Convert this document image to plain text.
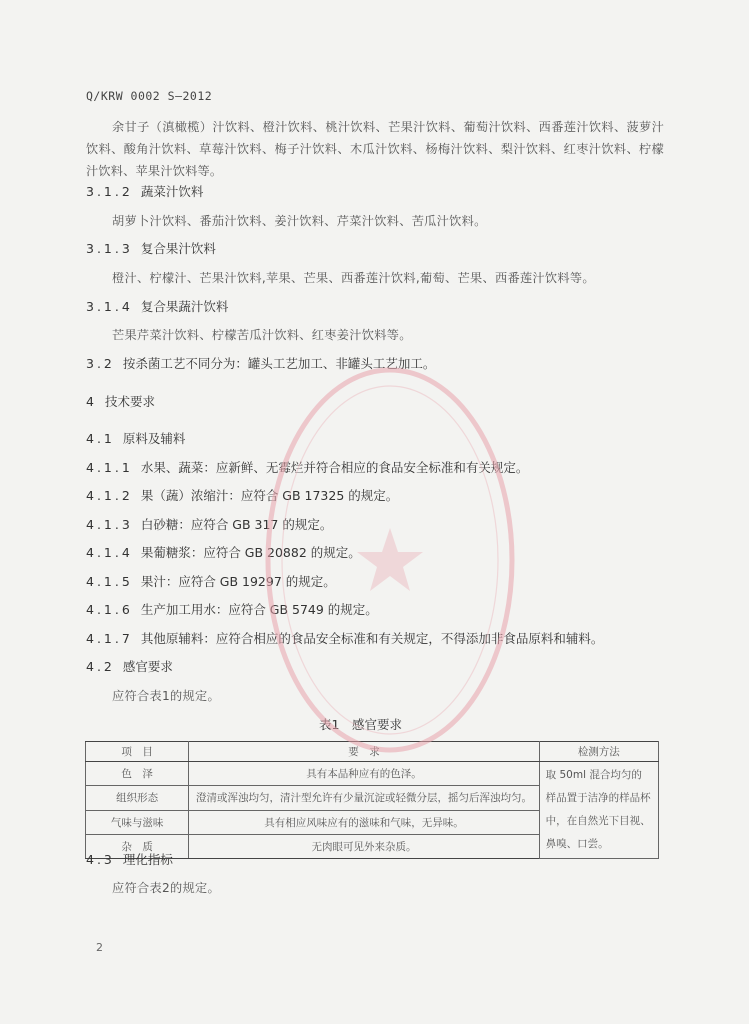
Q/KRW 0002 S—2012
余甘子（滇橄榄）汁饮料、橙汁饮料、桃汁饮料、芒果汁饮料、葡萄汁饮料、西番莲汁饮料、菠萝汁饮料、酸角汁饮料、草莓汁饮料、梅子汁饮料、木瓜汁饮料、杨梅汁饮料、梨汁饮料、红枣汁饮料、柠檬汁饮料、苹果汁饮料等。
3.1.2 蔬菜汁饮料
胡萝卜汁饮料、番茄汁饮料、姜汁饮料、芹菜汁饮料、苦瓜汁饮料。
3.1.3 复合果汁饮料
橙汁、柠檬汁、芒果汁饮料,苹果、芒果、西番莲汁饮料,葡萄、芒果、西番莲汁饮料等。
3.1.4 复合果蔬汁饮料
芒果芹菜汁饮料、柠檬苦瓜汁饮料、红枣姜汁饮料等。
3.2 按杀菌工艺不同分为：罐头工艺加工、非罐头工艺加工。
4 技术要求
4.1 原料及辅料
4.1.1 水果、蔬菜：应新鲜、无霉烂并符合相应的食品安全标准和有关规定。
4.1.2 果（蔬）浓缩汁：应符合 GB 17325 的规定。
4.1.3 白砂糖：应符合 GB 317 的规定。
4.1.4 果葡糖浆：应符合 GB 20882 的规定。
4.1.5 果汁：应符合 GB 19297 的规定。
4.1.6 生产加工用水：应符合 GB 5749 的规定。
4.1.7 其他原辅料：应符合相应的食品安全标准和有关规定，不得添加非食品原料和辅料。
4.2 感官要求
应符合表1的规定。
表1　感官要求
项　目	要　求	检测方法
色　泽	具有本品种应有的色泽。	取 50ml 混合均匀的样品置于洁净的样品杯中，在自然光下目视、鼻嗅、口尝。
组织形态	澄清或浑浊均匀，清汁型允许有少量沉淀或轻微分层，摇匀后浑浊均匀。	
气味与滋味	具有相应风味应有的滋味和气味，无异味。	
杂　质	无肉眼可见外来杂质。	
4.3 理化指标
应符合表2的规定。
2
